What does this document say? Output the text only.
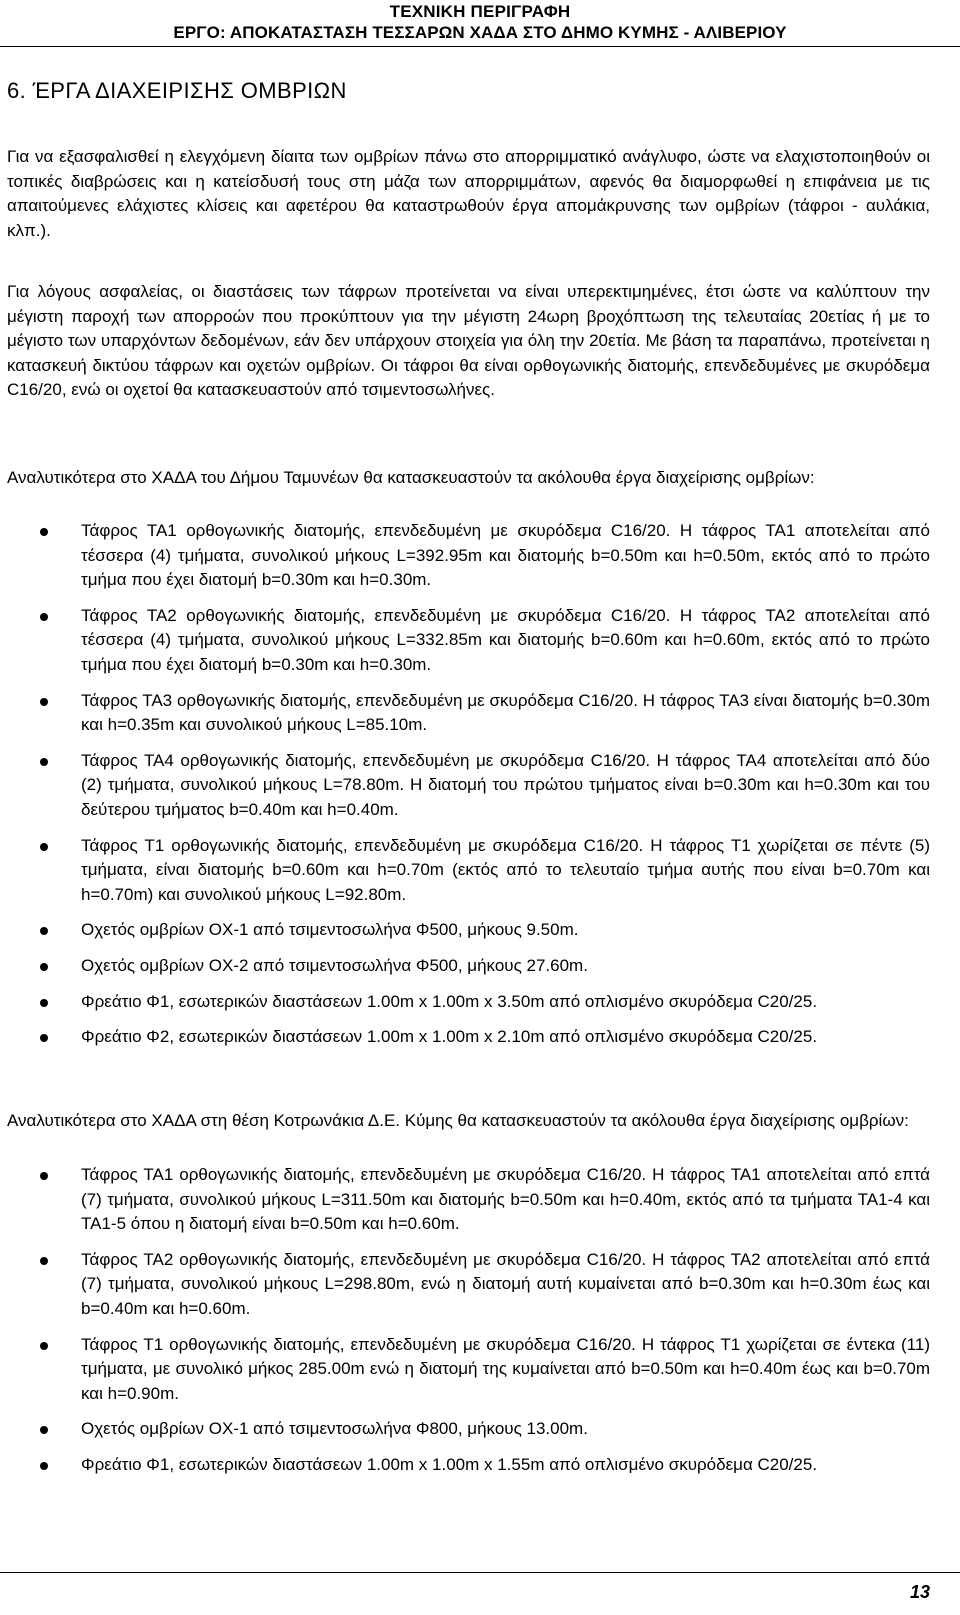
ΤΕΧΝΙΚΗ ΠΕΡΙΓΡΑΦΗ
ΕΡΓΟ: ΑΠΟΚΑΤΑΣΤΑΣΗ ΤΕΣΣΑΡΩΝ ΧΑΔΑ ΣΤΟ ΔΗΜΟ ΚΥΜΗΣ - ΑΛΙΒΕΡΙΟΥ
6. ΈΡΓΑ ΔΙΑΧΕΙΡΙΣΗΣ ΟΜΒΡΙΩΝ

Για να εξασφαλισθεί η ελεγχόμενη δίαιτα των ομβρίων πάνω στο απορριμματικό ανάγλυφο, ώστε να ελαχιστοποιηθούν οι τοπικές διαβρώσεις και η κατείσδυσή τους στη μάζα των απορριμμάτων, αφενός θα διαμορφωθεί η επιφάνεια με τις απαιτούμενες ελάχιστες κλίσεις και αφετέρου θα καταστρωθούν έργα απομάκρυνσης των ομβρίων (τάφροι - αυλάκια, κλπ.).

Για λόγους ασφαλείας, οι διαστάσεις των τάφρων προτείνεται να είναι υπερεκτιμημένες, έτσι ώστε να καλύπτουν την μέγιστη παροχή των απορροών που προκύπτουν για την μέγιστη 24ωρη βροχόπτωση της τελευταίας 20ετίας ή με το μέγιστο των υπαρχόντων δεδομένων, εάν δεν υπάρχουν στοιχεία για όλη την 20ετία. Με βάση τα παραπάνω, προτείνεται η κατασκευή δικτύου τάφρων και οχετών ομβρίων. Οι τάφροι θα είναι ορθογωνικής διατομής, επενδεδυμένες με σκυρόδεμα C16/20, ενώ οι οχετοί θα κατασκευαστούν από τσιμεντοσωλήνες.

Αναλυτικότερα στο ΧΑΔΑ του Δήμου Ταμυνέων θα κατασκευαστούν τα ακόλουθα έργα διαχείρισης ομβρίων:

Τάφρος ΤΑ1 ορθογωνικής διατομής, επενδεδυμένη με σκυρόδεμα C16/20. Η τάφρος ΤΑ1 αποτελείται από τέσσερα (4) τμήματα, συνολικού μήκους L=392.95m και διατομής b=0.50m και h=0.50m, εκτός από το πρώτο τμήμα που έχει διατομή b=0.30m και h=0.30m.
Τάφρος ΤΑ2 ορθογωνικής διατομής, επενδεδυμένη με σκυρόδεμα C16/20. Η τάφρος ΤΑ2 αποτελείται από τέσσερα (4) τμήματα, συνολικού μήκους L=332.85m και διατομής b=0.60m και h=0.60m, εκτός από το πρώτο τμήμα που έχει διατομή b=0.30m και h=0.30m.
Τάφρος ΤΑ3 ορθογωνικής διατομής, επενδεδυμένη με σκυρόδεμα C16/20. Η τάφρος ΤΑ3 είναι διατομής b=0.30m και h=0.35m και συνολικού μήκους L=85.10m.
Τάφρος ΤΑ4 ορθογωνικής διατομής, επενδεδυμένη με σκυρόδεμα C16/20. Η τάφρος ΤΑ4 αποτελείται από δύο (2) τμήματα, συνολικού μήκους L=78.80m. Η διατομή του πρώτου τμήματος είναι b=0.30m και h=0.30m και του δεύτερου τμήματος b=0.40m και h=0.40m.
Τάφρος Τ1 ορθογωνικής διατομής, επενδεδυμένη με σκυρόδεμα C16/20. Η τάφρος Τ1 χωρίζεται σε πέντε (5) τμήματα, είναι διατομής b=0.60m και h=0.70m (εκτός από το τελευταίο τμήμα αυτής που είναι b=0.70m και h=0.70m) και συνολικού μήκους L=92.80m.
Οχετός ομβρίων ΟΧ-1 από τσιμεντοσωλήνα Φ500, μήκους 9.50m.
Οχετός ομβρίων ΟΧ-2 από τσιμεντοσωλήνα Φ500, μήκους 27.60m.
Φρεάτιο Φ1, εσωτερικών διαστάσεων 1.00m x 1.00m x 3.50m από οπλισμένο σκυρόδεμα C20/25.
Φρεάτιο Φ2, εσωτερικών διαστάσεων 1.00m x 1.00m x 2.10m από οπλισμένο σκυρόδεμα C20/25.

Αναλυτικότερα στο ΧΑΔΑ στη θέση Κοτρωνάκια Δ.Ε. Κύμης θα κατασκευαστούν τα ακόλουθα έργα διαχείρισης ομβρίων:

Τάφρος ΤΑ1 ορθογωνικής διατομής, επενδεδυμένη με σκυρόδεμα C16/20. Η τάφρος ΤΑ1 αποτελείται από επτά (7) τμήματα, συνολικού μήκους L=311.50m και διατομής b=0.50m και h=0.40m, εκτός από τα τμήματα ΤΑ1-4 και ΤΑ1-5 όπου η διατομή είναι b=0.50m και h=0.60m.
Τάφρος ΤΑ2 ορθογωνικής διατομής, επενδεδυμένη με σκυρόδεμα C16/20. Η τάφρος ΤΑ2 αποτελείται από επτά (7) τμήματα, συνολικού μήκους L=298.80m, ενώ η διατομή αυτή κυμαίνεται από b=0.30m και h=0.30m έως και b=0.40m και h=0.60m.
Τάφρος Τ1 ορθογωνικής διατομής, επενδεδυμένη με σκυρόδεμα C16/20. Η τάφρος Τ1 χωρίζεται σε έντεκα (11) τμήματα, με συνολικό μήκος 285.00m ενώ η διατομή της κυμαίνεται από b=0.50m και h=0.40m έως και b=0.70m και h=0.90m.
Οχετός ομβρίων ΟΧ-1 από τσιμεντοσωλήνα Φ800, μήκους 13.00m.
Φρεάτιο Φ1, εσωτερικών διαστάσεων 1.00m x 1.00m x 1.55m από οπλισμένο σκυρόδεμα C20/25.
13
